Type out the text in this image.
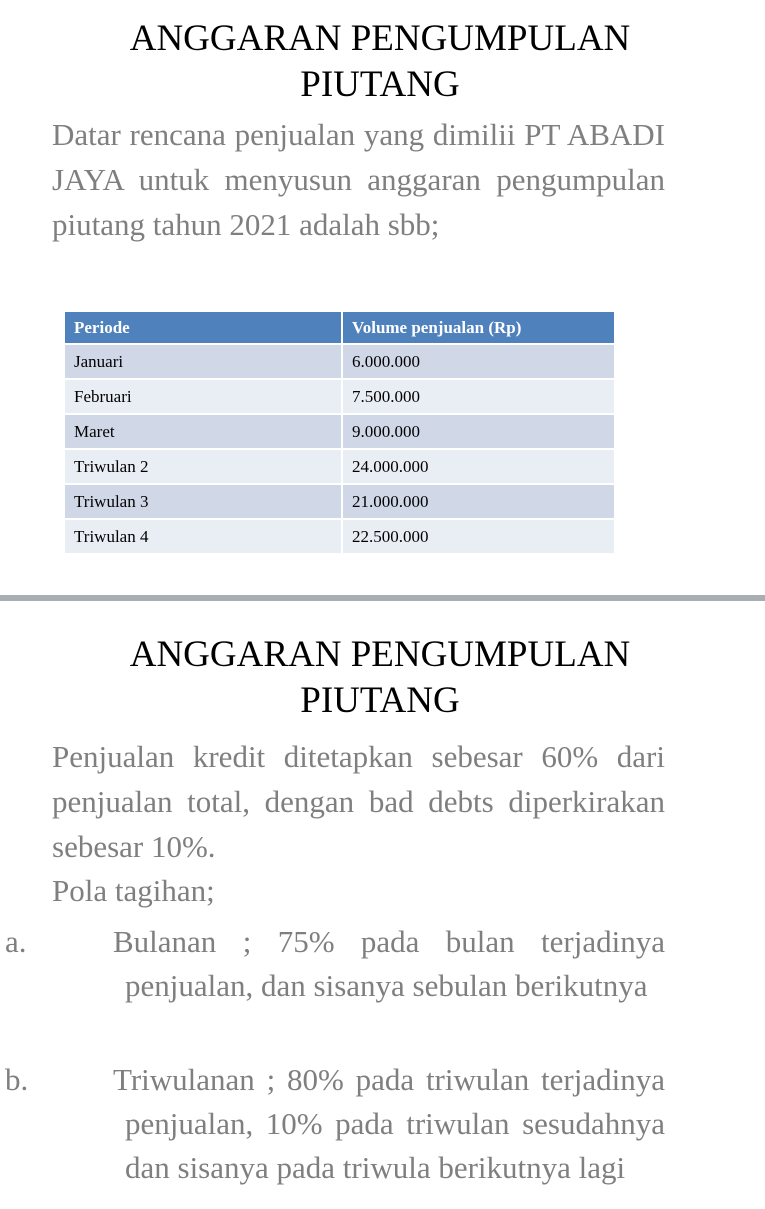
ANGGARAN PENGUMPULAN PIUTANG
Datar rencana penjualan yang dimilii PT ABADI JAYA untuk menyusun anggaran pengumpulan piutang tahun 2021 adalah sbb;
Periode	Volume penjualan (Rp)
Januari	6.000.000
Februari	7.500.000
Maret	9.000.000
Triwulan 2	24.000.000
Triwulan 3	21.000.000
Triwulan 4	22.500.000
ANGGARAN PENGUMPULAN PIUTANG
Penjualan kredit ditetapkan sebesar 60% dari penjualan total, dengan bad debts diperkirakan sebesar 10%.
Pola tagihan;
a.	Bulanan ; 75% pada bulan terjadinya penjualan, dan sisanya sebulan berikutnya
b.	Triwulanan ; 80% pada triwulan terjadinya penjualan, 10% pada triwulan sesudahnya dan sisanya pada triwula berikutnya lagi
